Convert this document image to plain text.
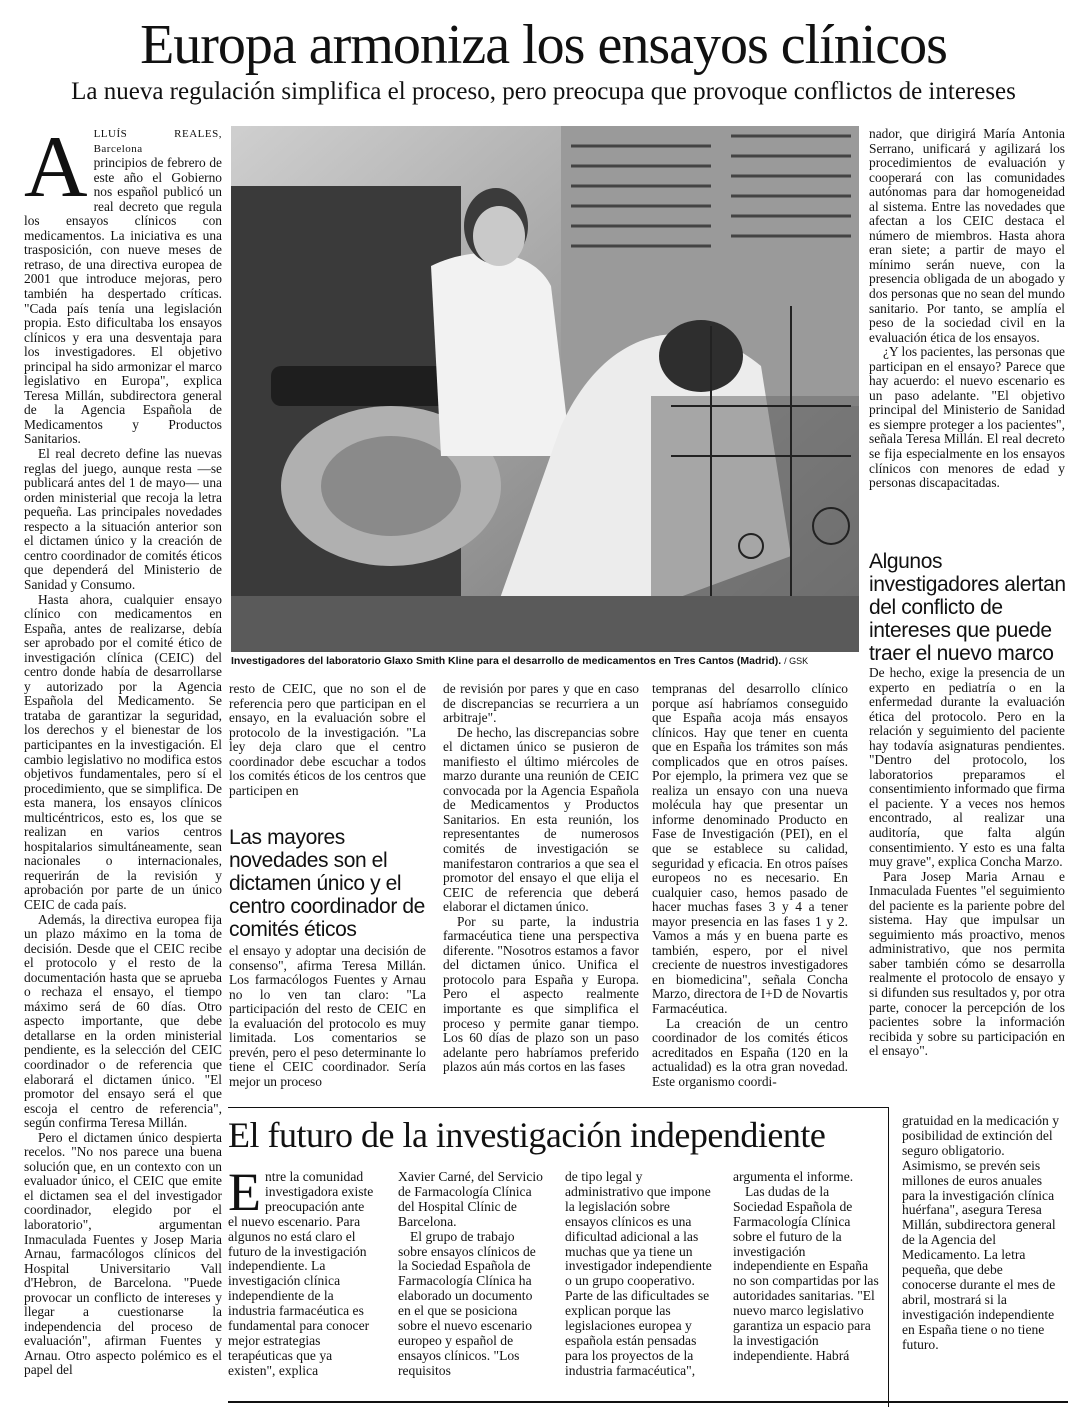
Europa armoniza los ensayos clínicos
La nueva regulación simplifica el proceso, pero preocupa que provoque conflictos de intereses
A LLUÍS REALES, Barcelona

principios de febrero de este año el Gobierno nos español publicó un real decreto que regula los ensayos clínicos con medicamentos. La iniciativa es una trasposición, con nueve meses de retraso, de una directiva europea de 2001 que introduce mejoras, pero también ha despertado críticas. "Cada país tenía una legislación propia. Esto dificultaba los ensayos clínicos y era una desventaja para los investigadores. El objetivo principal ha sido armonizar el marco legislativo en Europa", explica Teresa Millán, subdirectora general de la Agencia Española de Medicamentos y Productos Sanitarios.

El real decreto define las nuevas reglas del juego, aunque resta —se publicará antes del 1 de mayo— una orden ministerial que recoja la letra pequeña. Las principales novedades respecto a la situación anterior son el dictamen único y la creación de centro coordinador de comités éticos que dependerá del Ministerio de Sanidad y Consumo.

Hasta ahora, cualquier ensayo clínico con medicamentos en España, antes de realizarse, debía ser aprobado por el comité ético de investigación clínica (CEIC) del centro donde había de desarrollarse y autorizado por la Agencia Española del Medicamento. Se trataba de garantizar la seguridad, los derechos y el bienestar de los participantes en la investigación. El cambio legislativo no modifica estos objetivos fundamentales, pero sí el procedimiento, que se simplifica. De esta manera, los ensayos clínicos multicéntricos, esto es, los que se realizan en varios centros hospitalarios simultáneamente, sean nacionales o internacionales, requerirán de la revisión y aprobación por parte de un único CEIC de cada país.

Además, la directiva europea fija un plazo máximo en la toma de decisión. Desde que el CEIC recibe el protocolo y el resto de la documentación hasta que se aprueba o rechaza el ensayo, el tiempo máximo será de 60 días. Otro aspecto importante, que debe detallarse en la orden ministerial pendiente, es la selección del CEIC coordinador o de referencia que elaborará el dictamen único. "El promotor del ensayo será el que escoja el centro de referencia", según confirma Teresa Millán.

Pero el dictamen único despierta recelos. "No nos parece una buena solución que, en un contexto con un evaluador único, el CEIC que emite el dictamen sea el del investigador coordinador, elegido por el laboratorio", argumentan Inmaculada Fuentes y Josep Maria Arnau, farmacólogos clínicos del Hospital Universitario Vall d'Hebron, de Barcelona. "Puede provocar un conflicto de intereses y llegar a cuestionarse la independencia del proceso de evaluación", afirman Fuentes y Arnau. Otro aspecto polémico es el papel del

Investigadores del laboratorio Glaxo Smith Kline para el desarrollo de medicamentos en Tres Cantos (Madrid). / GSK

resto de CEIC, que no son el de referencia pero que participan en el ensayo, en la evaluación sobre el protocolo de la investigación. "La ley deja claro que el centro coordinador debe escuchar a todos los comités éticos de los centros que participen en

Las mayores novedades son el dictamen único y el centro coordinador de comités éticos

el ensayo y adoptar una decisión de consenso", afirma Teresa Millán. Los farmacólogos Fuentes y Arnau no lo ven tan claro: "La participación del resto de CEIC en la evaluación del protocolo es muy limitada. Los comentarios se prevén, pero el peso determinante lo tiene el CEIC coordinador. Sería mejor un proceso

de revisión por pares y que en caso de discrepancias se recurriera a un arbitraje".

De hecho, las discrepancias sobre el dictamen único se pusieron de manifiesto el último miércoles de marzo durante una reunión de CEIC convocada por la Agencia Española de Medicamentos y Productos Sanitarios. En esta reunión, los representantes de numerosos comités de investigación se manifestaron contrarios a que sea el promotor del ensayo el que elija el CEIC de referencia que deberá elaborar el dictamen único.

Por su parte, la industria farmacéutica tiene una perspectiva diferente. "Nosotros estamos a favor del dictamen único. Unifica el protocolo para España y Europa. Pero el aspecto realmente importante es que simplifica el proceso y permite ganar tiempo. Los 60 días de plazo son un paso adelante pero habríamos preferido plazos aún más cortos en las fases

tempranas del desarrollo clínico porque así habríamos conseguido que España acoja más ensayos clínicos. Hay que tener en cuenta que en España los trámites son más complicados que en otros países. Por ejemplo, la primera vez que se realiza un ensayo con una nueva molécula hay que presentar un informe denominado Producto en Fase de Investigación (PEI), en el que se establece su calidad, seguridad y eficacia. En otros países europeos no es necesario. En cualquier caso, hemos pasado de hacer muchas fases 3 y 4 a tener mayor presencia en las fases 1 y 2. Vamos a más y en buena parte es también, espero, por el nivel creciente de nuestros investigadores en biomedicina", señala Concha Marzo, directora de I+D de Novartis Farmacéutica.

La creación de un centro coordinador de los comités éticos acreditados en España (120 en la actualidad) es la otra gran novedad. Este organismo coordi-

nador, que dirigirá María Antonia Serrano, unificará y agilizará los procedimientos de evaluación y cooperará con las comunidades autónomas para dar homogeneidad al sistema. Entre las novedades que afectan a los CEIC destaca el número de miembros. Hasta ahora eran siete; a partir de mayo el mínimo serán nueve, con la presencia obligada de un abogado y dos personas que no sean del mundo sanitario. Por tanto, se amplía el peso de la sociedad civil en la evaluación ética de los ensayos.

¿Y los pacientes, las personas que participan en el ensayo? Parece que hay acuerdo: el nuevo escenario es un paso adelante. "El objetivo principal del Ministerio de Sanidad es siempre proteger a los pacientes", señala Teresa Millán. El real decreto se fija especialmente en los ensayos clínicos con menores de edad y personas discapacitadas.

Algunos investigadores alertan del conflicto de intereses que puede traer el nuevo marco

De hecho, exige la presencia de un experto en pediatría o en la enfermedad durante la evaluación ética del protocolo. Pero en la relación y seguimiento del paciente hay todavía asignaturas pendientes. "Dentro del protocolo, los laboratorios preparamos el consentimiento informado que firma el paciente. Y a veces nos hemos encontrado, al realizar una auditoría, que falta algún consentimiento. Y esto es una falta muy grave", explica Concha Marzo.

Para Josep Maria Arnau e Inmaculada Fuentes "el seguimiento del paciente es la pariente pobre del sistema. Hay que impulsar un seguimiento más proactivo, menos administrativo, que nos permita saber también cómo se desarrolla realmente el protocolo de ensayo y si difunden sus resultados y, por otra parte, conocer la percepción de los pacientes sobre la información recibida y sobre su participación en el ensayo".

El futuro de la investigación independiente
E ntre la comunidad investigadora existe preocupación ante el nuevo escenario. Para algunos no está claro el futuro de la investigación independiente. La investigación clínica independiente de la industria farmacéutica es fundamental para conocer mejor estrategias terapéuticas que ya existen", explica

Xavier Carné, del Servicio de Farmacología Clínica del Hospital Clínic de Barcelona.

El grupo de trabajo sobre ensayos clínicos de la Sociedad Española de Farmacología Clínica ha elaborado un documento en el que se posiciona sobre el nuevo escenario europeo y español de ensayos clínicos. "Los requisitos

de tipo legal y administrativo que impone la legislación sobre ensayos clínicos es una dificultad adicional a las muchas que ya tiene un investigador independiente o un grupo cooperativo. Parte de las dificultades se explican porque las legislaciones europea y española están pensadas para los proyectos de la industria farmacéutica",

argumenta el informe.

Las dudas de la Sociedad Española de Farmacología Clínica sobre el futuro de la investigación independiente en España no son compartidas por las autoridades sanitarias. "El nuevo marco legislativo garantiza un espacio para la investigación independiente. Habrá

gratuidad en la medicación y posibilidad de extinción del seguro obligatorio. Asimismo, se prevén seis millones de euros anuales para la investigación clínica huérfana", asegura Teresa Millán, subdirectora general de la Agencia del Medicamento. La letra pequeña, que debe conocerse durante el mes de abril, mostrará si la investigación independiente en España tiene o no tiene futuro.
